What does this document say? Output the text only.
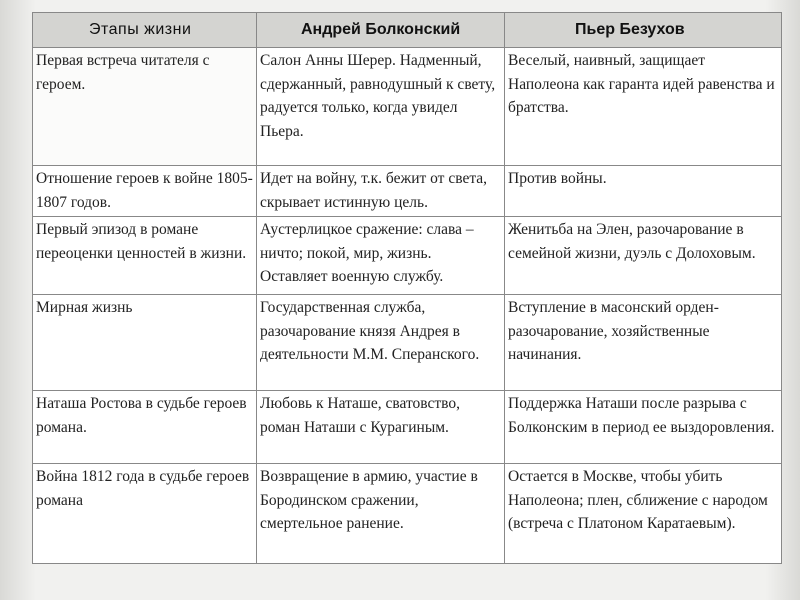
Этапы жизни	Андрей Болконский	Пьер Безухов
Первая встреча читателя с героем.	Салон Анны Шерер. Надменный, сдержанный, равнодушный к свету, радуется только, когда увидел Пьера.	Веселый, наивный, защищает Наполеона как гаранта идей равенства и братства.
Отношение героев к войне 1805-1807 годов.	Идет на войну, т.к. бежит от света, скрывает истинную цель.	Против войны.
Первый эпизод в романе переоценки ценностей в жизни.	Аустерлицкое сражение: слава – ничто; покой, мир, жизнь. Оставляет военную службу.	Женитьба на Элен, разочарование в семейной жизни, дуэль с Долоховым.
Мирная жизнь	Государственная служба, разочарование князя Андрея в деятельности М.М. Сперанского.	Вступление в масонский орден-разочарование, хозяйственные начинания.
Наташа Ростова в судьбе героев романа.	Любовь к Наташе, сватовство, роман Наташи с Курагиным.	Поддержка Наташи после разрыва с Болконским в период ее выздоровления.
Война 1812 года в судьбе героев романа	Возвращение в армию, участие в Бородинском сражении, смертельное ранение.	Остается в Москве, чтобы убить Наполеона; плен, сближение с народом (встреча с Платоном Каратаевым).
